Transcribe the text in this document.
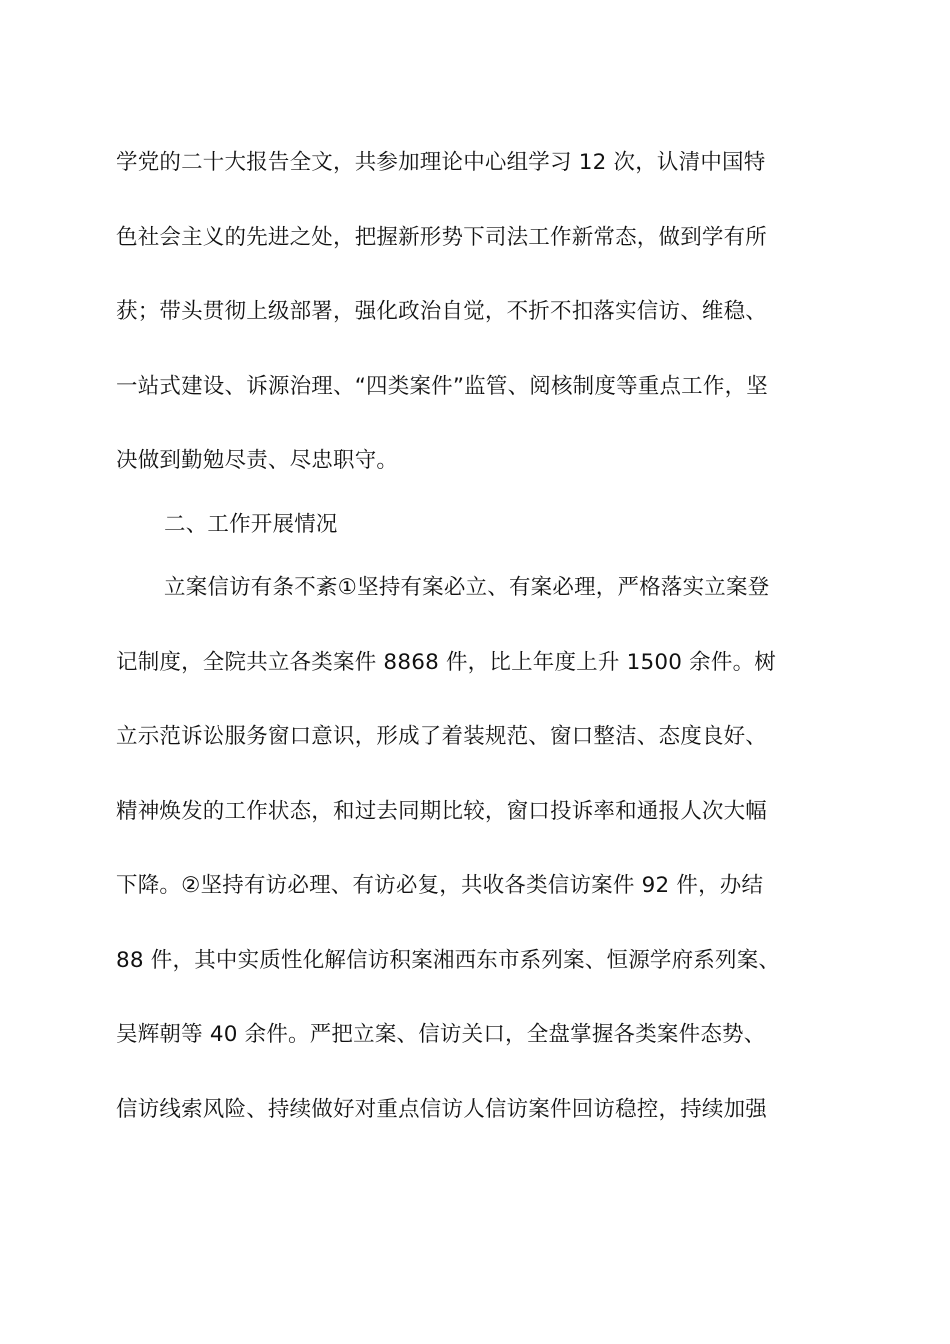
学党的二十大报告全文，共参加理论中心组学习 12 次，认清中国特
色社会主义的先进之处，把握新形势下司法工作新常态，做到学有所
获；带头贯彻上级部署，强化政治自觉，不折不扣落实信访、维稳、
一站式建设、诉源治理、“四类案件”监管、阅核制度等重点工作，坚
决做到勤勉尽责、尽忠职守。
二、工作开展情况
立案信访有条不紊①坚持有案必立、有案必理，严格落实立案登
记制度，全院共立各类案件 8868 件，比上年度上升 1500 余件。树
立示范诉讼服务窗口意识，形成了着装规范、窗口整洁、态度良好、
精神焕发的工作状态，和过去同期比较，窗口投诉率和通报人次大幅
下降。②坚持有访必理、有访必复，共收各类信访案件 92 件，办结
88 件，其中实质性化解信访积案湘西东市系列案、恒源学府系列案、
吴辉朝等 40 余件。严把立案、信访关口，全盘掌握各类案件态势、
信访线索风险、持续做好对重点信访人信访案件回访稳控，持续加强
